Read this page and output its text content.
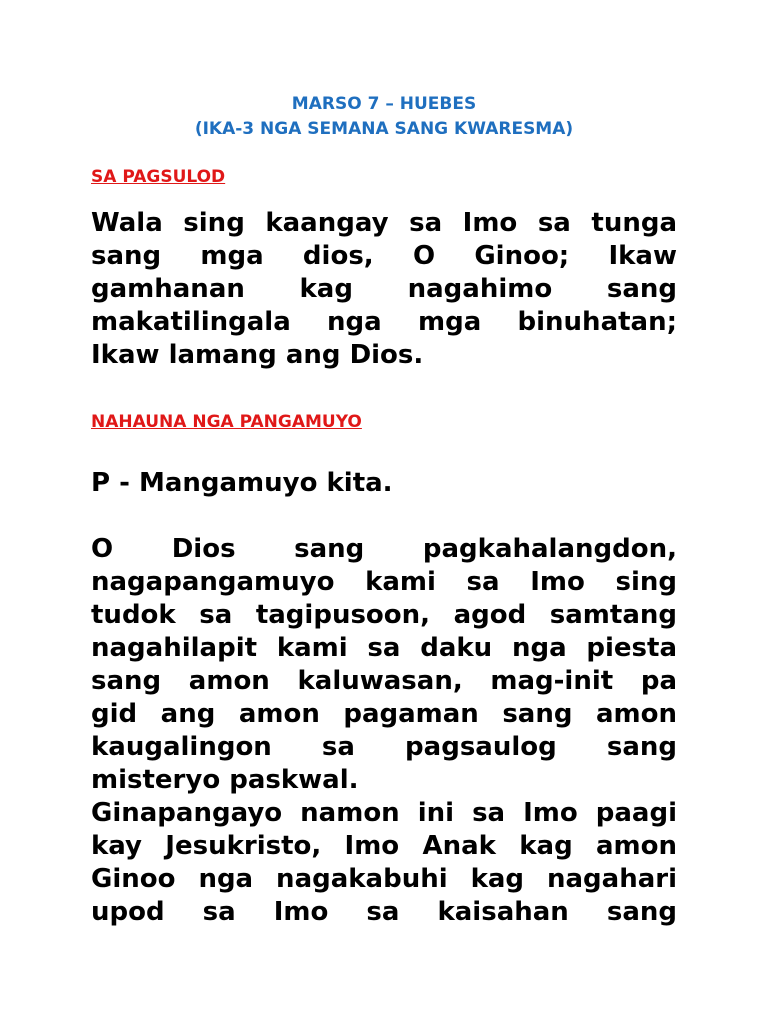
MARSO 7 – HUEBES
(IKA-3 NGA SEMANA SANG KWARESMA)
SA PAGSULOD
Wala sing kaangay sa Imo sa tunga
sang mga dios, O Ginoo; Ikaw
gamhanan kag nagahimo sang
makatilingala nga mga binuhatan;
Ikaw lamang ang Dios.
NAHAUNA NGA PANGAMUYO
P - Mangamuyo kita.
O Dios sang pagkahalangdon,
nagapangamuyo kami sa Imo sing
tudok sa tagipusoon, agod samtang
nagahilapit kami sa daku nga piesta
sang amon kaluwasan, mag-init pa
gid ang amon pagaman sang amon
kaugalingon sa pagsaulog sang
misteryo paskwal.
Ginapangayo namon ini sa Imo paagi
kay Jesukristo, Imo Anak kag amon
Ginoo nga nagakabuhi kag nagahari
upod sa Imo sa kaisahan sang
